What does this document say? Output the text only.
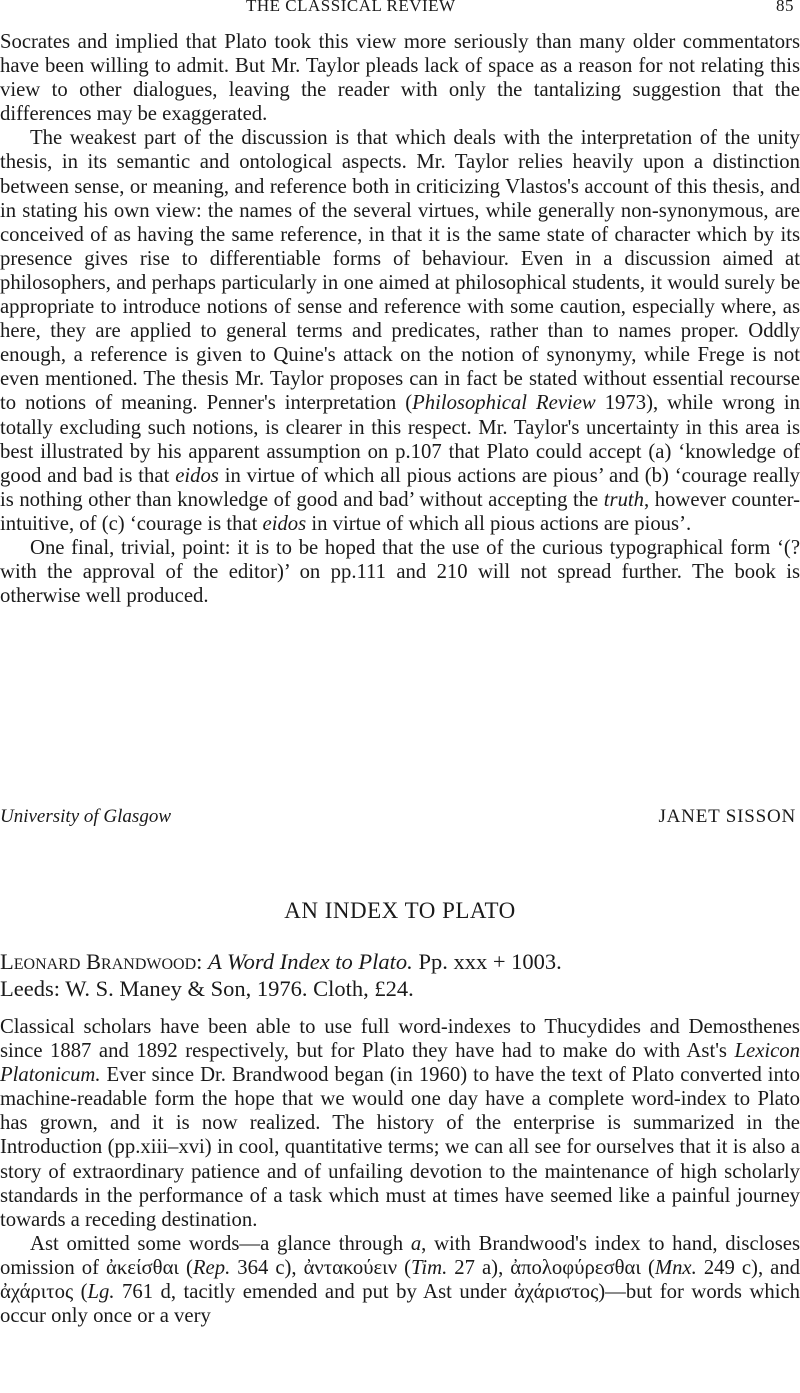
THE CLASSICAL REVIEW	85

Socrates and implied that Plato took this view more seriously than many older commentators have been willing to admit. But Mr. Taylor pleads lack of space as a reason for not relating this view to other dialogues, leaving the reader with only the tantalizing suggestion that the differences may be exaggerated.

The weakest part of the discussion is that which deals with the interpretation of the unity thesis, in its semantic and ontological aspects. Mr. Taylor relies heavily upon a distinction between sense, or meaning, and reference both in criticizing Vlastos's account of this thesis, and in stating his own view: the names of the several virtues, while generally non-synonymous, are conceived of as having the same reference, in that it is the same state of character which by its presence gives rise to differentiable forms of behaviour. Even in a discussion aimed at philosophers, and perhaps particularly in one aimed at philosophical students, it would surely be appropriate to introduce notions of sense and reference with some caution, especially where, as here, they are applied to general terms and predicates, rather than to names proper. Oddly enough, a reference is given to Quine's attack on the notion of synonymy, while Frege is not even mentioned. The thesis Mr. Taylor proposes can in fact be stated without essential recourse to notions of meaning. Penner's interpretation (Philosophical Review 1973), while wrong in totally excluding such notions, is clearer in this respect. Mr. Taylor's uncertainty in this area is best illustrated by his apparent assumption on p.107 that Plato could accept (a) ‘knowledge of good and bad is that eidos in virtue of which all pious actions are pious’ and (b) ‘courage really is nothing other than knowledge of good and bad’ without accepting the truth, however counter-intuitive, of (c) ‘courage is that eidos in virtue of which all pious actions are pious’.

One final, trivial, point: it is to be hoped that the use of the curious typographical form ‘(? with the approval of the editor)’ on pp.111 and 210 will not spread further. The book is otherwise well produced.

University of Glasgow	JANET SISSON
AN INDEX TO PLATO
Leonard Brandwood: A Word Index to Plato. Pp. xxx + 1003.
Leeds: W. S. Maney & Son, 1976. Cloth, £24.

Classical scholars have been able to use full word-indexes to Thucydides and Demosthenes since 1887 and 1892 respectively, but for Plato they have had to make do with Ast's Lexicon Platonicum. Ever since Dr. Brandwood began (in 1960) to have the text of Plato converted into machine-readable form the hope that we would one day have a complete word-index to Plato has grown, and it is now realized. The history of the enterprise is summarized in the Introduction (pp.xiii–xvi) in cool, quantitative terms; we can all see for ourselves that it is also a story of extraordinary patience and of unfailing devotion to the maintenance of high scholarly standards in the performance of a task which must at times have seemed like a painful journey towards a receding destination.

Ast omitted some words—a glance through a, with Brandwood's index to hand, discloses omission of ἀκείσθαι (Rep. 364 c), ἀντακούειν (Tim. 27 a), ἀπολοφύρεσθαι (Mnx. 249 c), and ἀχάριτος (Lg. 761 d, tacitly emended and put by Ast under ἀχάριστος)—but for words which occur only once or a very
